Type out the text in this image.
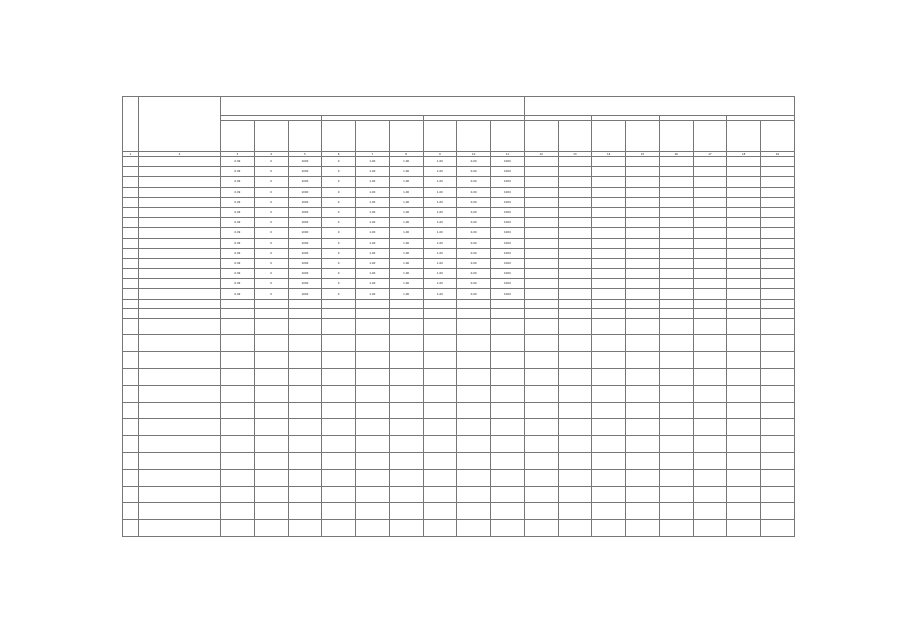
1	2	3	4	5	6	7	8	9	10	11	12	13	14	15	16	17	18	19
		0,09	0	1000	0	1,00	1,00	1,00	0,00	1000								
		0,09	0	1000	0	1,00	1,00	1,00	0,00	1000								
		0,09	0	1000	0	1,00	1,00	1,00	0,00	1000								
		0,09	0	1000	0	1,00	1,00	1,00	0,00	1000								
		0,09	0	1000	0	1,00	1,00	1,00	0,00	1000								
		0,09	0	1000	0	1,00	1,00	1,00	0,00	1000								
		0,09	0	1000	0	1,00	1,00	1,00	0,00	1000								
		0,09	0	1000	0	1,00	1,00	1,00	0,00	1000								
		0,09	0	1000	0	1,00	1,00	1,00	0,00	1000								
		0,09	0	1000	0	1,00	1,00	1,00	0,00	1000								
		0,09	0	1000	0	1,00	1,00	1,00	0,00	1000								
		0,09	0	1000	0	1,00	1,00	1,00	0,00	1000								
		0,09	0	1000	0	1,00	1,00	1,00	0,00	1000								
		0,09	0	1000	0	1,00	1,00	1,00	0,00	1000								
